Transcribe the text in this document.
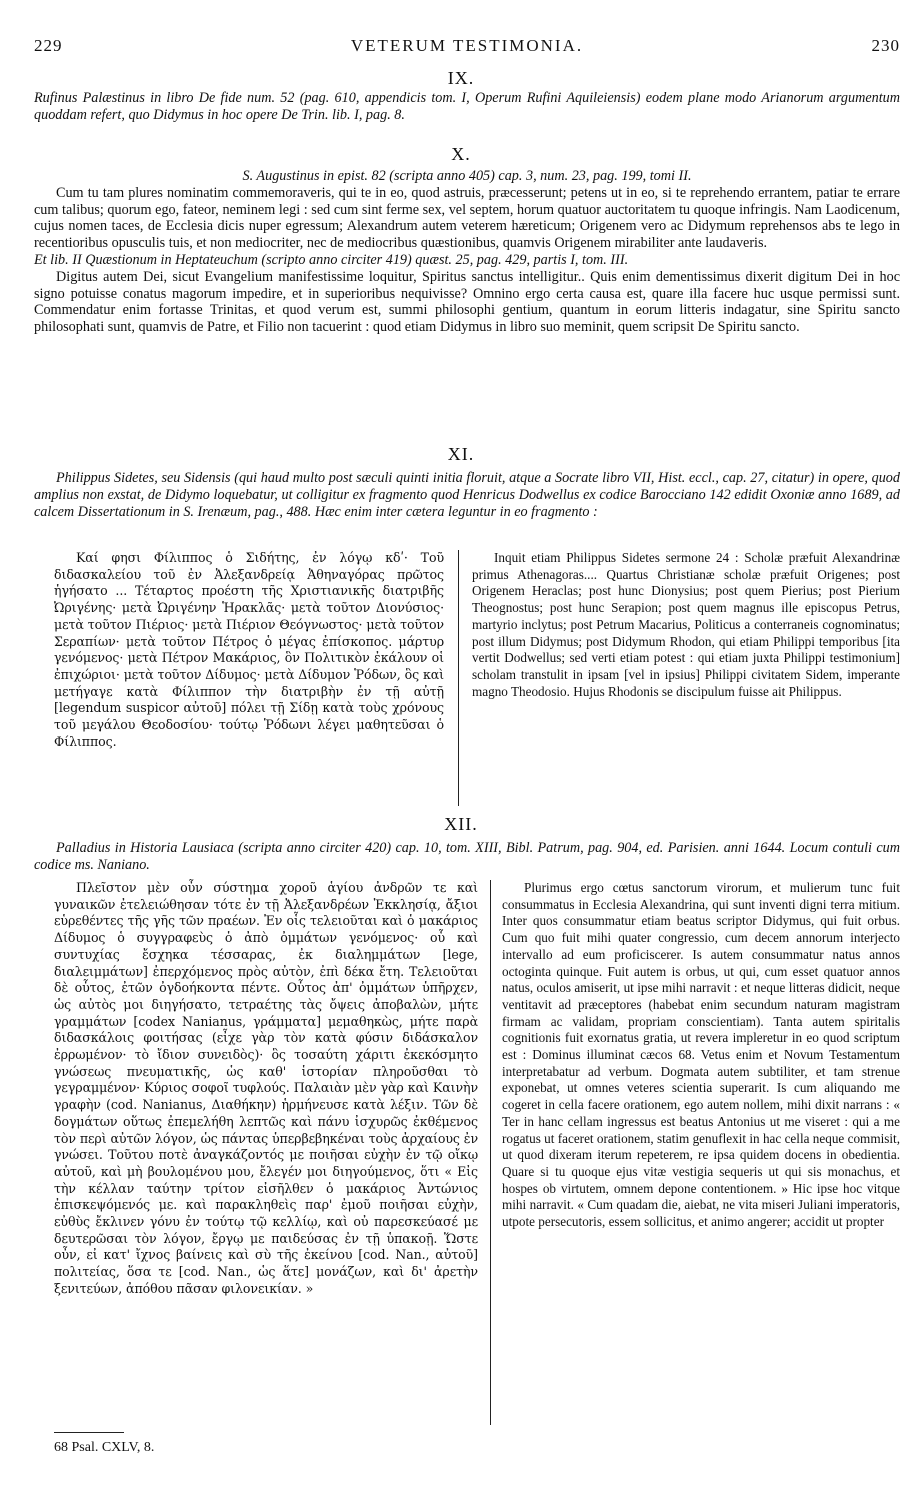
229	VETERUM TESTIMONIA.	230
IX.

Rufinus Palæstinus in libro De fide num. 52 (pag. 610, appendicis tom. I, Operum Rufini Aquileiensis) eodem plane modo Arianorum argumentum quoddam refert, quo Didymus in hoc opere De Trin. lib. I, pag. 8.

X.

S. Augustinus in epist. 82 (scripta anno 405) cap. 3, num. 23, pag. 199, tomi II.

Cum tu tam plures nominatim commemoraveris, qui te in eo, quod astruis, præcesserunt; petens ut in eo, si te reprehendo errantem, patiar te errare cum talibus; quorum ego, fateor, neminem legi : sed cum sint ferme sex, vel septem, horum quatuor auctoritatem tu quoque infringis. Nam Laodicenum, cujus nomen taces, de Ecclesia dicis nuper egressum; Alexandrum autem veterem hæreticum; Origenem vero ac Didymum reprehensos abs te lego in recentioribus opusculis tuis, et non mediocriter, nec de mediocribus quæstionibus, quamvis Origenem mirabiliter ante laudaveris.

Et lib. II Quæstionum in Heptateuchum (scripto anno circiter 419) quæst. 25, pag. 429, partis I, tom. III.

Digitus autem Dei, sicut Evangelium manifestissime loquitur, Spiritus sanctus intelligitur.. Quis enim dementissimus dixerit digitum Dei in hoc signo potuisse conatus magorum impedire, et in superioribus nequivisse? Omnino ergo certa causa est, quare illa facere huc usque permissi sunt. Commendatur enim fortasse Trinitas, et quod verum est, summi philosophi gentium, quantum in eorum litteris indagatur, sine Spiritu sancto philosophati sunt, quamvis de Patre, et Filio non tacuerint : quod etiam Didymus in libro suo meminit, quem scripsit De Spiritu sancto.

XI.

Philippus Sidetes, seu Sidensis (qui haud multo post sæculi quinti initia floruit, atque a Socrate libro VII, Hist. eccl., cap. 27, citatur) in opere, quod amplius non exstat, de Didymo loquebatur, ut colligitur ex fragmento quod Henricus Dodwellus ex codice Barocciano 142 edidit Oxoniæ anno 1689, ad calcem Dissertationum in S. Irenæum, pag., 488. Hæc enim inter cætera leguntur in eo fragmento :

Καί φησι Φίλιππος ὁ Σιδήτης, ἐν λόγῳ κδʹ· Τοῦ διδασκαλείου τοῦ ἐν Ἀλεξανδρείᾳ Ἀθηναγόρας πρῶτος ἡγήσατο ... Τέταρτος προέστη τῆς Χριστιανικῆς διατριβῆς Ὠριγένης· μετὰ Ὠριγένην Ἡρακλᾶς· μετὰ τοῦτον Διονύσιος· μετὰ τοῦτον Πιέριος· μετὰ Πιέριον Θεόγνωστος· μετὰ τοῦτον Σεραπίων· μετὰ τοῦτον Πέτρος ὁ μέγας ἐπίσκοπος. μάρτυρ γενόμενος· μετὰ Πέτρον Μακάριος, ὃν Πολιτικὸν ἐκάλουν οἱ ἐπιχώριοι· μετὰ τοῦτον Δίδυμος· μετὰ Δίδυμον Ῥόδων, ὃς καὶ μετήγαγε κατὰ Φίλιππον τὴν διατριβὴν ἐν τῇ αὐτῇ [legendum suspicor αὐτοῦ] πόλει τῇ Σίδῃ κατὰ τοὺς χρόνους τοῦ μεγάλου Θεοδοσίου· τούτῳ Ῥόδωνι λέγει μαθητεῦσαι ὁ Φίλιππος.

Inquit etiam Philippus Sidetes sermone 24 : Scholæ præfuit Alexandrinæ primus Athenagoras.... Quartus Christianæ scholæ præfuit Origenes; post Origenem Heraclas; post hunc Dionysius; post quem Pierius; post Pierium Theognostus; post hunc Serapion; post quem magnus ille episcopus Petrus, martyrio inclytus; post Petrum Macarius, Politicus a conterraneis cognominatus; post illum Didymus; post Didymum Rhodon, qui etiam Philippi temporibus [ita vertit Dodwellus; sed verti etiam potest : qui etiam juxta Philippi testimonium] scholam transtulit in ipsam [vel in ipsius] Philippi civitatem Sidem, imperante magno Theodosio. Hujus Rhodonis se discipulum fuisse ait Philippus.

XII.

Palladius in Historia Lausiaca (scripta anno circiter 420) cap. 10, tom. XIII, Bibl. Patrum, pag. 904, ed. Parisien. anni 1644. Locum contuli cum codice ms. Naniano.

Πλεῖστον μὲν οὖν σύστημα χοροῦ ἁγίου ἀνδρῶν τε καὶ γυναικῶν ἐτελειώθησαν τότε ἐν τῇ Ἀλεξανδρέων Ἐκκλησίᾳ, ἄξιοι εὑρεθέντες τῆς γῆς τῶν πραέων. Ἐν οἷς τελειοῦται καὶ ὁ μακάριος Δίδυμος ὁ συγγραφεὺς ὁ ἀπὸ ὀμμάτων γενόμενος· οὗ καὶ συντυχίας ἔσχηκα τέσσαρας, ἐκ διαλημμάτων [lege, διαλειμμάτων] ἐπερχόμενος πρὸς αὐτὸν, ἐπὶ δέκα ἔτη. Τελειοῦται δὲ οὗτος, ἐτῶν ὀγδοήκοντα πέντε. Οὗτος ἀπ' ὀμμάτων ὑπῆρχεν, ὡς αὐτὸς μοι διηγήσατο, τετραέτης τὰς ὄψεις ἀποβαλὼν, μήτε γραμμάτων [codex Nanianus, γράμματα] μεμαθηκὼς, μήτε παρὰ διδασκάλοις φοιτήσας (εἶχε γὰρ τὸν κατὰ φύσιν διδάσκαλον ἐρρωμένον· τὸ ἴδιον συνειδὸς)· ὃς τοσαύτη χάριτι ἐκεκόσμητο γνώσεως πνευματικῆς, ὡς καθ' ἱστορίαν πληροῦσθαι τὸ γεγραμμένον· Κύριος σοφοῖ τυφλούς. Παλαιὰν μὲν γὰρ καὶ Καινὴν γραφὴν (cod. Nanianus, Διαθήκην) ἡρμήνευσε κατὰ λέξιν. Τῶν δὲ δογμάτων οὕτως ἐπεμελήθη λεπτῶς καὶ πάνυ ἰσχυρῶς ἐκθέμενος τὸν περὶ αὐτῶν λόγον, ὡς πάντας ὑπερβεβηκέναι τοὺς ἀρχαίους ἐν γνώσει. Τοῦτου ποτὲ ἀναγκάζοντός με ποιῆσαι εὐχὴν ἐν τῷ οἴκῳ αὐτοῦ, καὶ μὴ βουλομένου μου, ἔλεγέν μοι διηγούμενος, ὅτι « Εἰς τὴν κέλλαν ταύτην τρίτον εἰσῆλθεν ὁ μακάριος Ἀντώνιος ἐπισκεψόμενός με. καὶ παρακληθεὶς παρ' ἐμοῦ ποιῆσαι εὐχὴν, εὐθὺς ἔκλινεν γόνυ ἐν τούτῳ τῷ κελλίῳ, καὶ οὐ παρεσκεύασέ με δευτερῶσαι τὸν λόγον, ἔργῳ με παιδεύσας ἐν τῇ ὑπακοῇ. Ὥστε οὖν, εἰ κατ' ἴχνος βαίνεις καὶ σὺ τῆς ἐκείνου [cod. Nan., αὐτοῦ] πολιτείας, ὅσα τε [cod. Nan., ὡς ἅτε] μονάζων, καὶ δι' ἀρετὴν ξενιτεύων, ἀπόθου πᾶσαν φιλονεικίαν. »

Plurimus ergo cœtus sanctorum virorum, et mulierum tunc fuit consummatus in Ecclesia Alexandrina, qui sunt inventi digni terra mitium. Inter quos consummatur etiam beatus scriptor Didymus, qui fuit orbus. Cum quo fuit mihi quater congressio, cum decem annorum interjecto intervallo ad eum proficiscerer. Is autem consummatur natus annos octoginta quinque. Fuit autem is orbus, ut qui, cum esset quatuor annos natus, oculos amiserit, ut ipse mihi narravit : et neque litteras didicit, neque ventitavit ad præceptores (habebat enim secundum naturam magistram firmam ac validam, propriam conscientiam). Tanta autem spiritalis cognitionis fuit exornatus gratia, ut revera impleretur in eo quod scriptum est : Dominus illuminat cæcos 68. Vetus enim et Novum Testamentum interpretabatur ad verbum. Dogmata autem subtiliter, et tam strenue exponebat, ut omnes veteres scientia superarit. Is cum aliquando me cogeret in cella facere orationem, ego autem nollem, mihi dixit narrans : « Ter in hanc cellam ingressus est beatus Antonius ut me viseret : qui a me rogatus ut faceret orationem, statim genuflexit in hac cella neque commisit, ut quod dixeram iterum repeterem, re ipsa quidem docens in obedientia. Quare si tu quoque ejus vitæ vestigia sequeris ut qui sis monachus, et hospes ob virtutem, omnem depone contentionem. » Hic ipse hoc vitque mihi narravit. « Cum quadam die, aiebat, ne vita miseri Juliani imperatoris, utpote persecutoris, essem sollicitus, et animo angerer; accidit ut propter

68 Psal. CXLV, 8.
